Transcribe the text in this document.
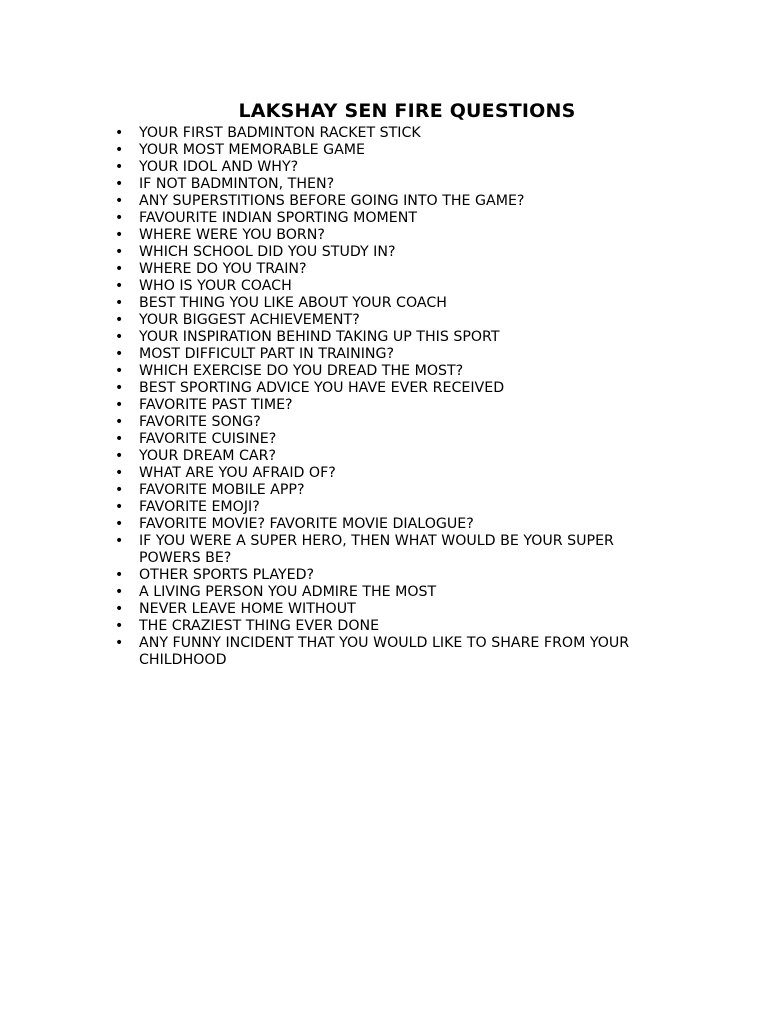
LAKSHAY SEN FIRE QUESTIONS
• YOUR FIRST BADMINTON RACKET STICK
• YOUR MOST MEMORABLE GAME
• YOUR IDOL AND WHY?
• IF NOT BADMINTON, THEN?
• ANY SUPERSTITIONS BEFORE GOING INTO THE GAME?
• FAVOURITE INDIAN SPORTING MOMENT
• WHERE WERE YOU BORN?
• WHICH SCHOOL DID YOU STUDY IN?
• WHERE DO YOU TRAIN?
• WHO IS YOUR COACH
• BEST THING YOU LIKE ABOUT YOUR COACH
• YOUR BIGGEST ACHIEVEMENT?
• YOUR INSPIRATION BEHIND TAKING UP THIS SPORT
• MOST DIFFICULT PART IN TRAINING?
• WHICH EXERCISE DO YOU DREAD THE MOST?
• BEST SPORTING ADVICE YOU HAVE EVER RECEIVED
• FAVORITE PAST TIME?
• FAVORITE SONG?
• FAVORITE CUISINE?
• YOUR DREAM CAR?
• WHAT ARE YOU AFRAID OF?
• FAVORITE MOBILE APP?
• FAVORITE EMOJI?
• FAVORITE MOVIE? FAVORITE MOVIE DIALOGUE?
• IF YOU WERE A SUPER HERO, THEN WHAT WOULD BE YOUR SUPER POWERS BE?
• OTHER SPORTS PLAYED?
• A LIVING PERSON YOU ADMIRE THE MOST
• NEVER LEAVE HOME WITHOUT
• THE CRAZIEST THING EVER DONE
• ANY FUNNY INCIDENT THAT YOU WOULD LIKE TO SHARE FROM YOUR CHILDHOOD
